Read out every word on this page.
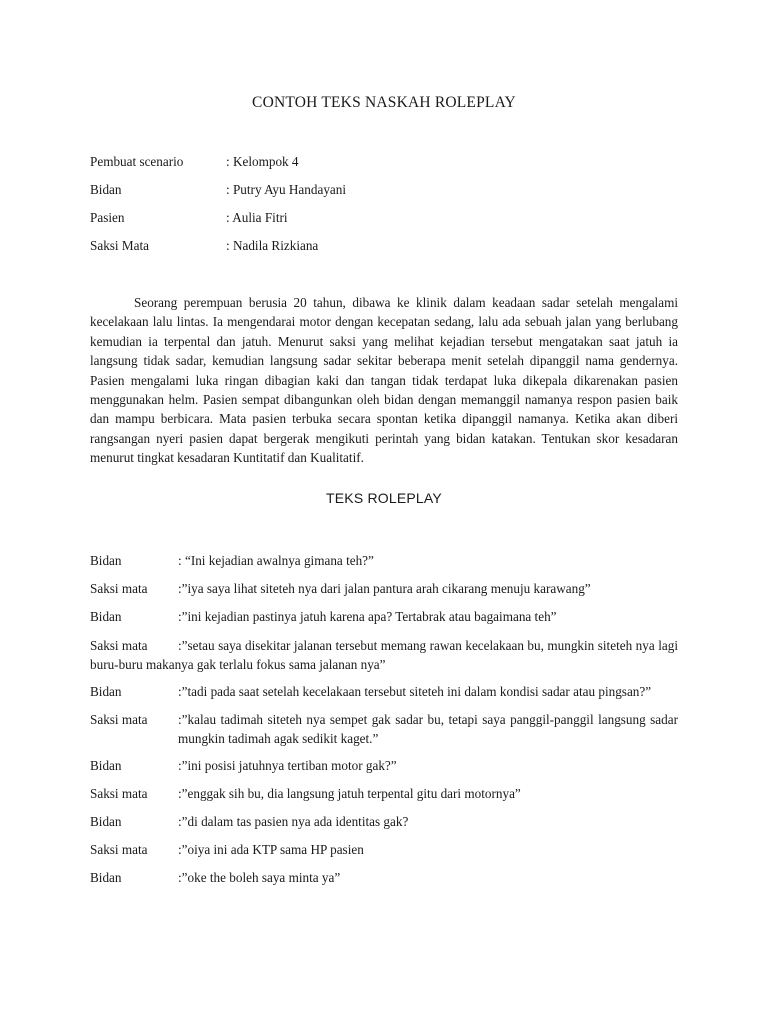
CONTOH TEKS NASKAH ROLEPLAY
Pembuat scenario	: Kelompok 4
Bidan	: Putry Ayu Handayani
Pasien	: Aulia Fitri
Saksi Mata	: Nadila Rizkiana

Seorang perempuan berusia 20 tahun, dibawa ke klinik dalam keadaan sadar setelah mengalami kecelakaan lalu lintas. Ia mengendarai motor dengan kecepatan sedang, lalu ada sebuah jalan yang berlubang kemudian ia terpental dan jatuh. Menurut saksi yang melihat kejadian tersebut mengatakan saat jatuh ia langsung tidak sadar, kemudian langsung sadar sekitar beberapa menit setelah dipanggil nama gendernya. Pasien mengalami luka ringan dibagian kaki dan tangan tidak terdapat luka dikepala dikarenakan pasien menggunakan helm. Pasien sempat dibangunkan oleh bidan dengan memanggil namanya respon pasien baik dan mampu berbicara. Mata pasien terbuka secara spontan ketika dipanggil namanya. Ketika akan diberi rangsangan nyeri pasien dapat bergerak mengikuti perintah yang bidan katakan. Tentukan skor kesadaran menurut tingkat kesadaran Kuntitatif dan Kualitatif.

TEKS ROLEPLAY
Bidan	: “Ini kejadian awalnya gimana teh?”
Saksi mata :”iya saya lihat siteteh nya dari jalan pantura arah cikarang menuju karawang”
Bidan	:”ini kejadian pastinya jatuh karena apa? Tertabrak atau bagaimana teh”
Saksi mata :”setau saya disekitar jalanan tersebut memang rawan kecelakaan bu, mungkin siteteh nya lagi buru-buru makanya gak terlalu fokus sama jalanan nya”
Bidan	:”tadi pada saat setelah kecelakaan tersebut siteteh ini dalam kondisi sadar atau pingsan?”
Saksi mata	:”kalau tadimah siteteh nya sempet gak sadar bu, tetapi saya panggil-panggil langsung sadar mungkin tadimah agak sedikit kaget.”
Bidan	:”ini posisi jatuhnya tertiban motor gak?”
Saksi mata :”enggak sih bu, dia langsung jatuh terpental gitu dari motornya”
Bidan	:”di dalam tas pasien nya ada identitas gak?
Saksi mata :”oiya ini ada KTP sama HP pasien
Bidan	:”oke the boleh saya minta ya”
